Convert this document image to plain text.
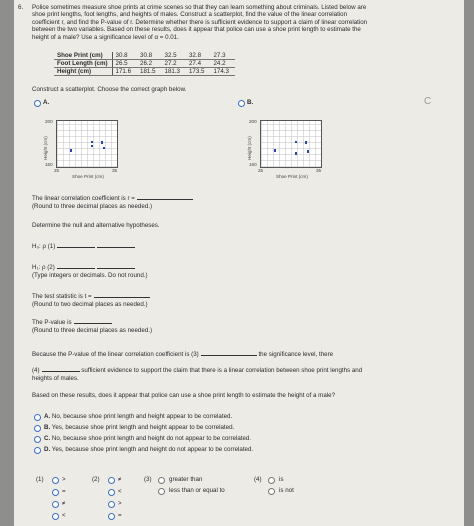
6. Police sometimes measure shoe prints at crime scenes so that they can learn something about criminals. Listed below are
shoe print lengths, foot lengths, and heights of males. Construct a scatterplot, find the value of the linear correlation
coefficient r, and find the P-value of r. Determine whether there is sufficient evidence to support a claim of linear correlation
between the two variables. Based on these results, does it appear that police can use a shoe print length to estimate the
height of a male? Use a significance level of α = 0.01.
Shoe Print (cm)	30.8	30.8	32.5	32.8	27.3
Foot Length (cm)	26.5	26.2	27.2	27.4	24.2
Height (cm)	171.6	181.5	181.3	173.5	174.3
Construct a scatterplot. Choose the correct graph below.
A.
Height (cm)
200
160
25	35
Shoe Print (cm)
B.
Height (cm)
200
160
25	35
Shoe Print (cm)
C
The linear correlation coefficient is r =
(Round to three decimal places as needed.)
Determine the null and alternative hypotheses.
H₀: ρ (1)
H₁: ρ (2)
(Type integers or decimals. Do not round.)
The test statistic is t =
(Round to two decimal places as needed.)
The P-value is
(Round to three decimal places as needed.)
Because the P-value of the linear correlation coefficient is (3)	the significance level, there
(4)	sufficient evidence to support the claim that there is a linear correlation between shoe print lengths and
heights of males.
Based on these results, does it appear that police can use a shoe print length to estimate the height of a male?
A. No, because shoe print length and height appear to be correlated.
B. Yes, because shoe print length and height appear to be correlated.
C. No, because shoe print length and height do not appear to be correlated.
D. Yes, because shoe print length and height do not appear to be correlated.
(1)	>
=
≠
<
(2)	≠
<
>
=
(3)	greater than
less than or equal to
(4)	is
is not
